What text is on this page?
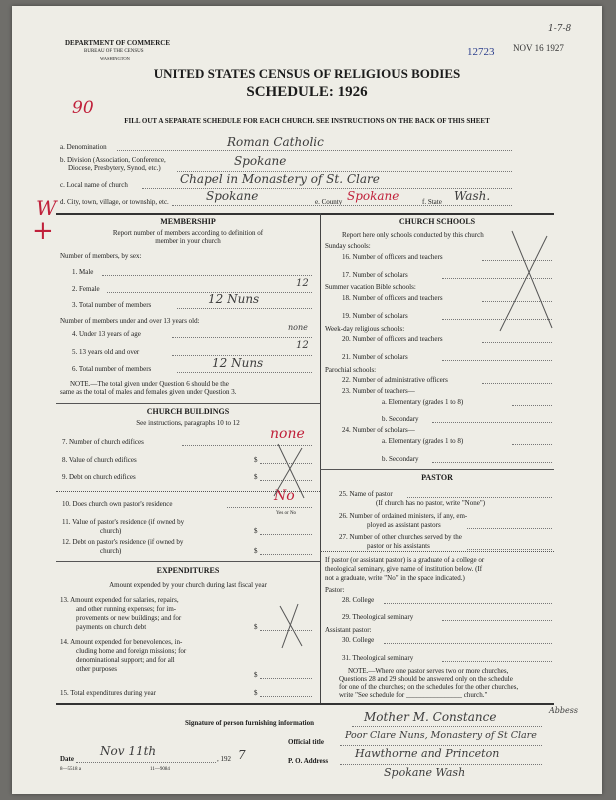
DEPARTMENT OF COMMERCE
BUREAU OF THE CENSUS
WASHINGTON
12723 NOV 16 1927
1-7-8
UNITED STATES CENSUS OF RELIGIOUS BODIES
SCHEDULE: 1926
90
FILL OUT A SEPARATE SCHEDULE FOR EACH CHURCH. SEE INSTRUCTIONS ON THE BACK OF THIS SHEET
a. Denomination	Roman Catholic
b. Division (Association, Conference,
Diocese, Presbytery, Synod, etc.)	Spokane
c. Local name of church	Chapel in Monastery of St. Clare
d. City, town, village, or township, etc.	Spokane	e. County Spokane	f. State Wash.
W
+	MEMBERSHIP
Report number of members according to definition of
member in your church
Number of members, by sex:
1. Male
2. Female	12
3. Total number of members	12 Nuns
Number of members under and over 13 years old:
4. Under 13 years of age
none
5. 13 years old and over
12
6. Total number of members	12 Nuns
NOTE.—The total given under Question 6 should be the
same as the total of males and females given under Question 3.
CHURCH BUILDINGS
See instructions, paragraphs 10 to 12
7. Number of church edifices	none
8. Value of church edifices	$
9. Debt on church edifices	$
10. Does church own pastor's residence	No
Yes or No
11. Value of pastor's residence (if owned by
church)	$
12. Debt on pastor's residence (if owned by
church)	$
EXPENDITURES
Amount expended by your church during last fiscal year
13. Amount expended for salaries, repairs,
and other running expenses; for im-
provements or new buildings; and for
payments on church debt	$
14. Amount expended for benevolences, in-
cluding home and foreign missions; for
denominational support; and for all
other purposes
$
15. Total expenditures during year	$
CHURCH SCHOOLS
Report here only schools conducted by this church
Sunday schools:
16. Number of officers and teachers
17. Number of scholars
Summer vacation Bible schools:
18. Number of officers and teachers
19. Number of scholars
Week-day religious schools:
20. Number of officers and teachers
21. Number of scholars
Parochial schools:
22. Number of administrative officers
23. Number of teachers—
a. Elementary (grades 1 to 8)
b. Secondary
24. Number of scholars—
a. Elementary (grades 1 to 8)
b. Secondary
PASTOR
25. Name of pastor
(If church has no pastor, write "None")
26. Number of ordained ministers, if any, em-
ployed as assistant pastors
27. Number of other churches served by the
pastor or his assistants
If pastor (or assistant pastor) is a graduate of a college or
theological seminary, give name of institution below. (If
not a graduate, write "No" in the space indicated.)
Pastor:
28. College
29. Theological seminary
Assistant pastor:
30. College
31. Theological seminary
NOTE.—Where one pastor serves two or more churches,
Questions 28 and 29 should be answered only on the schedule
for one of the churches; on the schedules for the other churches,
write "See schedule for ________________ church."
Signature of person furnishing information	Mother M. Constance	Abbess
Official title
Poor Clare Nuns, Monastery of St Clare
P. O. Address
Hawthorne and Princeton
Spokane Wash
Date
Nov 11th
, 192 7
8—5518 a	11—9084
